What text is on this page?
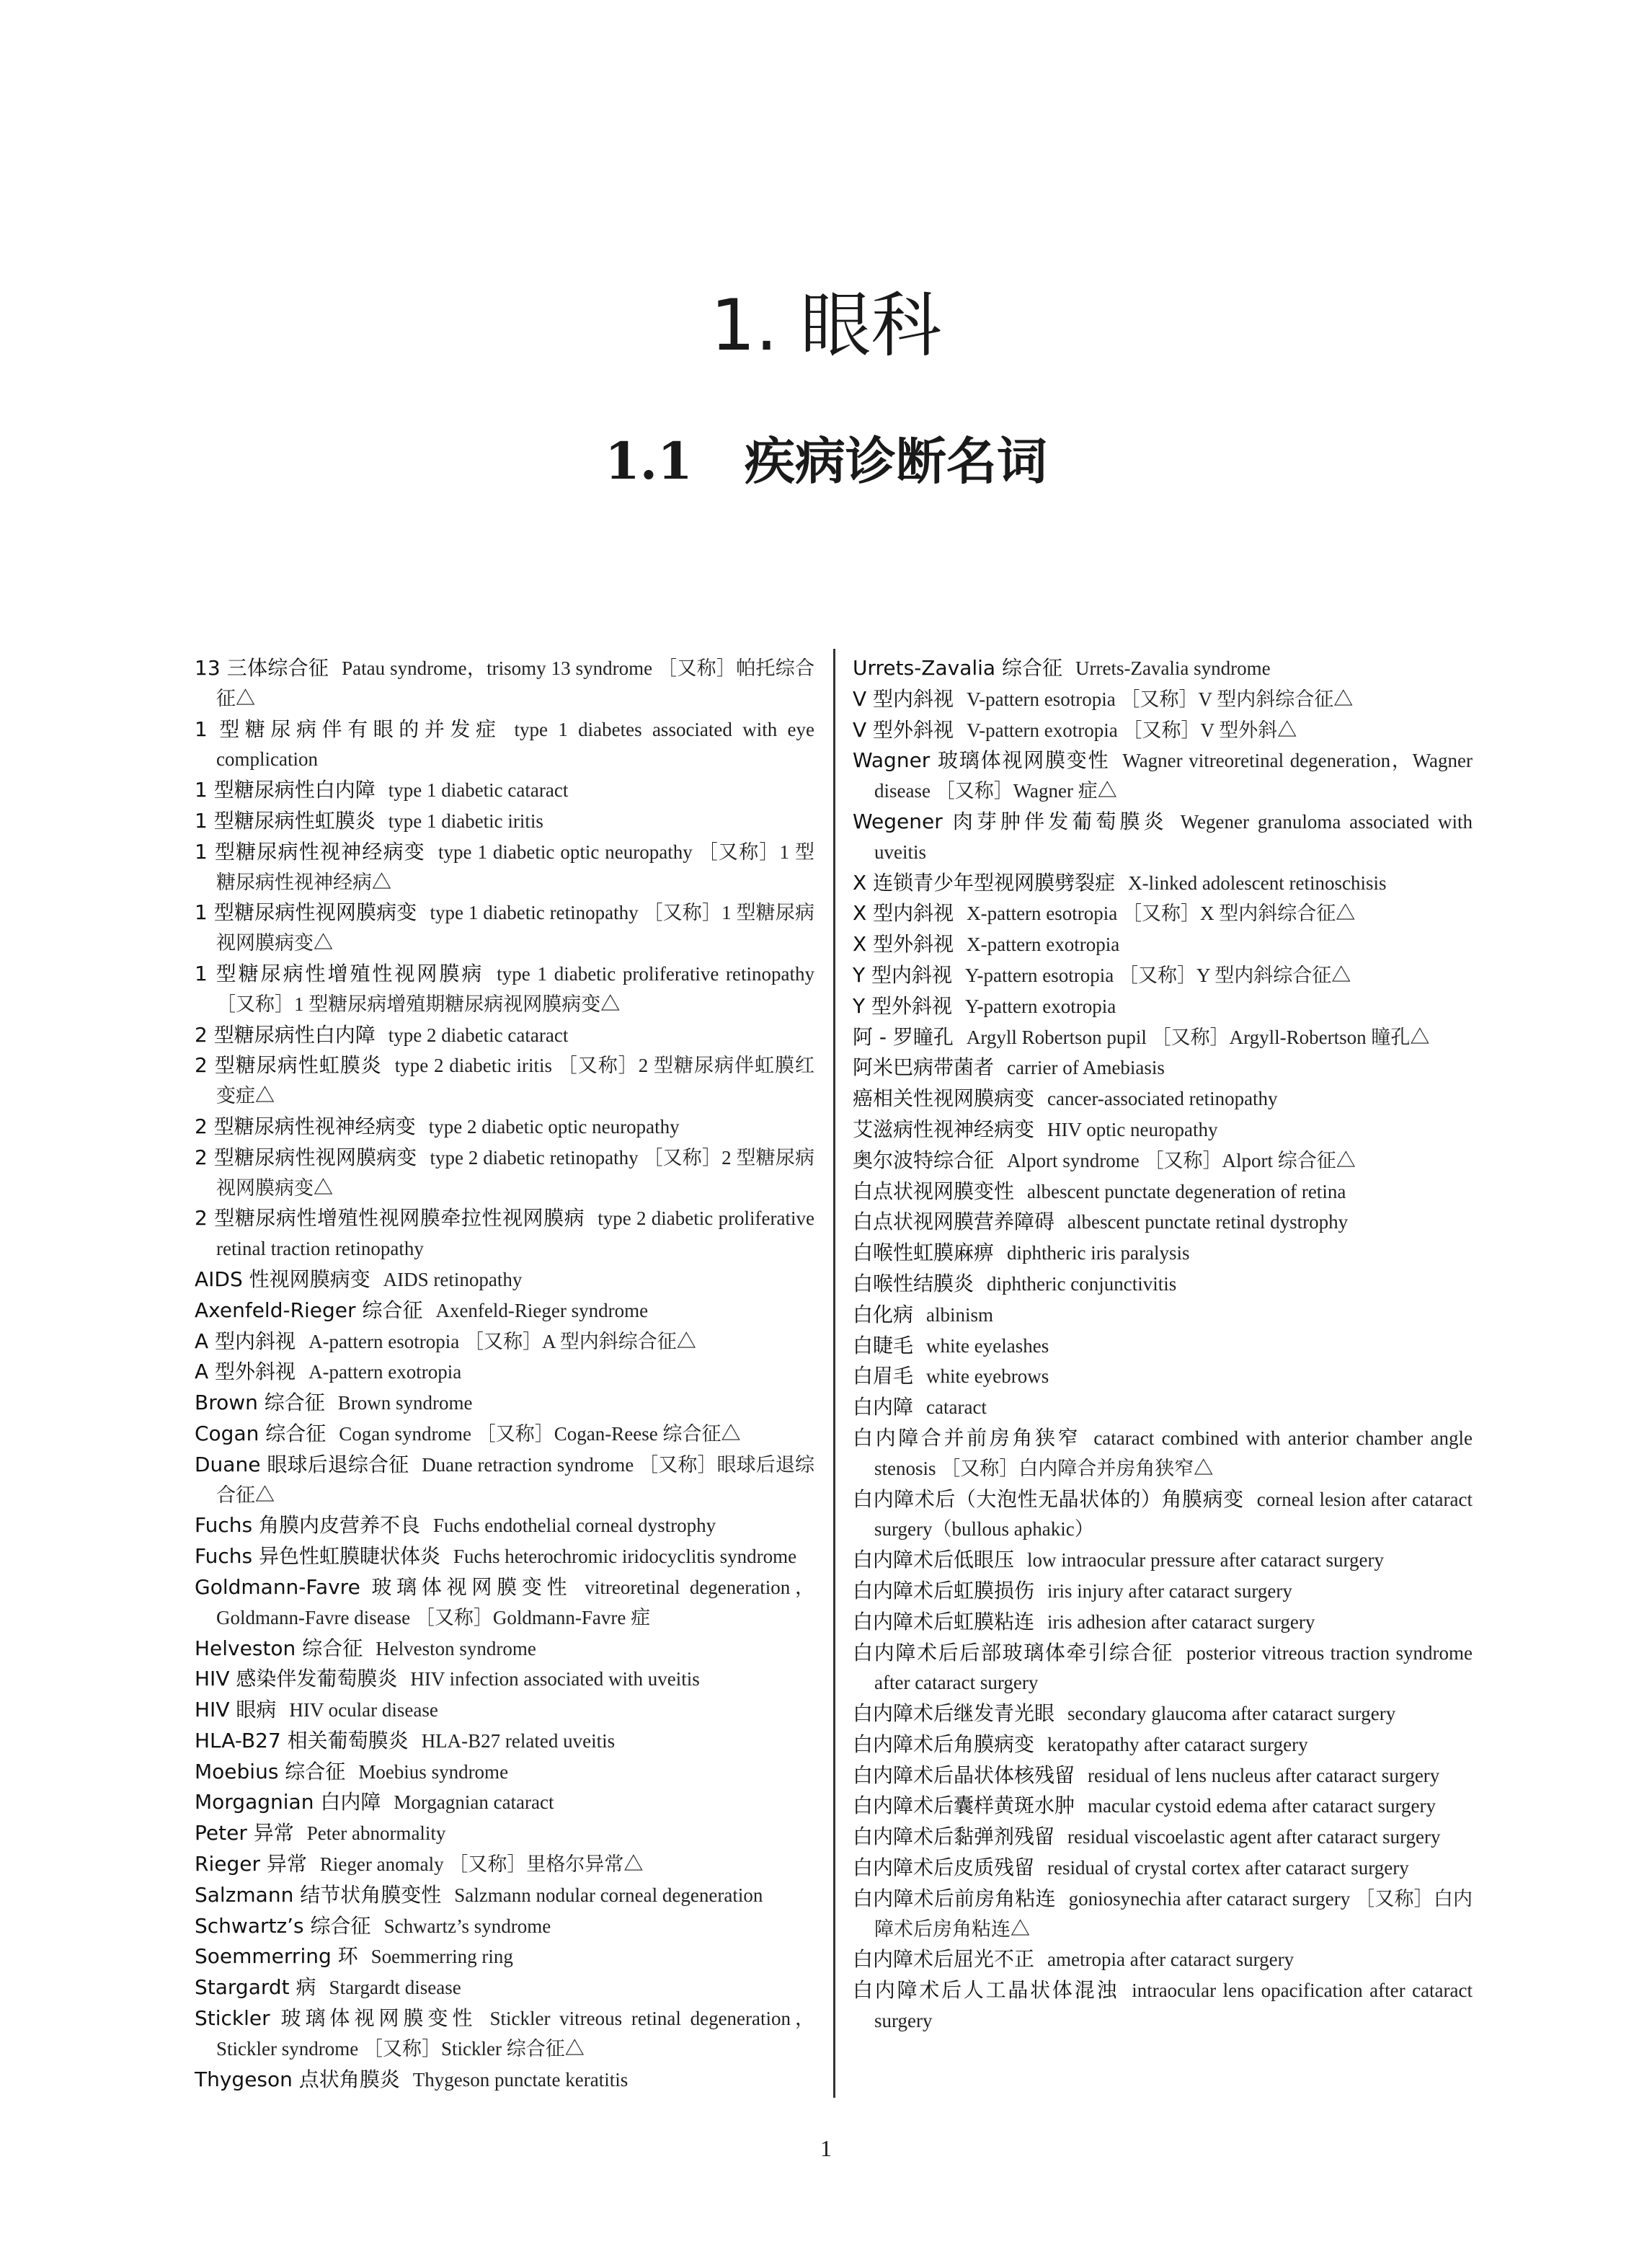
1. 眼科
1.1 疾病诊断名词
13 三体综合征 Patau syndrome，trisomy 13 syndrome ［又称］帕托综合征△
1 型糖尿病伴有眼的并发症 type 1 diabetes associated with eye complication
1 型糖尿病性白内障 type 1 diabetic cataract
1 型糖尿病性虹膜炎 type 1 diabetic iritis
1 型糖尿病性视神经病变 type 1 diabetic optic neuropathy ［又称］1 型糖尿病性视神经病△
1 型糖尿病性视网膜病变 type 1 diabetic retinopathy ［又称］1 型糖尿病视网膜病变△
1 型糖尿病性增殖性视网膜病 type 1 diabetic proliferative retinopathy ［又称］1 型糖尿病增殖期糖尿病视网膜病变△
2 型糖尿病性白内障 type 2 diabetic cataract
2 型糖尿病性虹膜炎 type 2 diabetic iritis ［又称］2 型糖尿病伴虹膜红变症△
2 型糖尿病性视神经病变 type 2 diabetic optic neuropathy
2 型糖尿病性视网膜病变 type 2 diabetic retinopathy ［又称］2 型糖尿病视网膜病变△
2 型糖尿病性增殖性视网膜牵拉性视网膜病 type 2 diabetic proliferative retinal traction retinopathy
AIDS 性视网膜病变 AIDS retinopathy
Axenfeld-Rieger 综合征 Axenfeld-Rieger syndrome
A 型内斜视 A-pattern esotropia ［又称］A 型内斜综合征△
A 型外斜视 A-pattern exotropia
Brown 综合征 Brown syndrome
Cogan 综合征 Cogan syndrome ［又称］Cogan-Reese 综合征△
Duane 眼球后退综合征 Duane retraction syndrome ［又称］眼球后退综合征△
Fuchs 角膜内皮营养不良 Fuchs endothelial corneal dystrophy
Fuchs 异色性虹膜睫状体炎 Fuchs heterochromic iridocyclitis syndrome
Goldmann-Favre 玻璃体视网膜变性 vitreoretinal degeneration，Goldmann-Favre disease ［又称］Goldmann-Favre 症
Helveston 综合征 Helveston syndrome
HIV 感染伴发葡萄膜炎 HIV infection associated with uveitis
HIV 眼病 HIV ocular disease
HLA-B27 相关葡萄膜炎 HLA-B27 related uveitis
Moebius 综合征 Moebius syndrome
Morgagnian 白内障 Morgagnian cataract
Peter 异常 Peter abnormality
Rieger 异常 Rieger anomaly ［又称］里格尔异常△
Salzmann 结节状角膜变性 Salzmann nodular corneal degeneration
Schwartz’s 综合征 Schwartz’s syndrome
Soemmerring 环 Soemmerring ring
Stargardt 病 Stargardt disease
Stickler 玻璃体视网膜变性 Stickler vitreous retinal degeneration，Stickler syndrome ［又称］Stickler 综合征△
Thygeson 点状角膜炎 Thygeson punctate keratitis
Urrets-Zavalia 综合征 Urrets-Zavalia syndrome
V 型内斜视 V-pattern esotropia ［又称］V 型内斜综合征△
V 型外斜视 V-pattern exotropia ［又称］V 型外斜△
Wagner 玻璃体视网膜变性 Wagner vitreoretinal degeneration，Wagner disease ［又称］Wagner 症△
Wegener 肉芽肿伴发葡萄膜炎 Wegener granuloma associated with uveitis
X 连锁青少年型视网膜劈裂症 X-linked adolescent retinoschisis
X 型内斜视 X-pattern esotropia ［又称］X 型内斜综合征△
X 型外斜视 X-pattern exotropia
Y 型内斜视 Y-pattern esotropia ［又称］Y 型内斜综合征△
Y 型外斜视 Y-pattern exotropia
阿 - 罗瞳孔 Argyll Robertson pupil ［又称］Argyll-Robertson 瞳孔△
阿米巴病带菌者 carrier of Amebiasis
癌相关性视网膜病变 cancer-associated retinopathy
艾滋病性视神经病变 HIV optic neuropathy
奥尔波特综合征 Alport syndrome ［又称］Alport 综合征△
白点状视网膜变性 albescent punctate degeneration of retina
白点状视网膜营养障碍 albescent punctate retinal dystrophy
白喉性虹膜麻痹 diphtheric iris paralysis
白喉性结膜炎 diphtheric conjunctivitis
白化病 albinism
白睫毛 white eyelashes
白眉毛 white eyebrows
白内障 cataract
白内障合并前房角狭窄 cataract combined with anterior chamber angle stenosis ［又称］白内障合并房角狭窄△
白内障术后（大泡性无晶状体的）角膜病变 corneal lesion after cataract surgery（bullous aphakic）
白内障术后低眼压 low intraocular pressure after cataract surgery
白内障术后虹膜损伤 iris injury after cataract surgery
白内障术后虹膜粘连 iris adhesion after cataract surgery
白内障术后后部玻璃体牵引综合征 posterior vitreous traction syndrome after cataract surgery
白内障术后继发青光眼 secondary glaucoma after cataract surgery
白内障术后角膜病变 keratopathy after cataract surgery
白内障术后晶状体核残留 residual of lens nucleus after cataract surgery
白内障术后囊样黄斑水肿 macular cystoid edema after cataract surgery
白内障术后黏弹剂残留 residual viscoelastic agent after cataract surgery
白内障术后皮质残留 residual of crystal cortex after cataract surgery
白内障术后前房角粘连 goniosynechia after cataract surgery ［又称］白内障术后房角粘连△
白内障术后屈光不正 ametropia after cataract surgery
白内障术后人工晶状体混浊 intraocular lens opacification after cataract surgery
1
